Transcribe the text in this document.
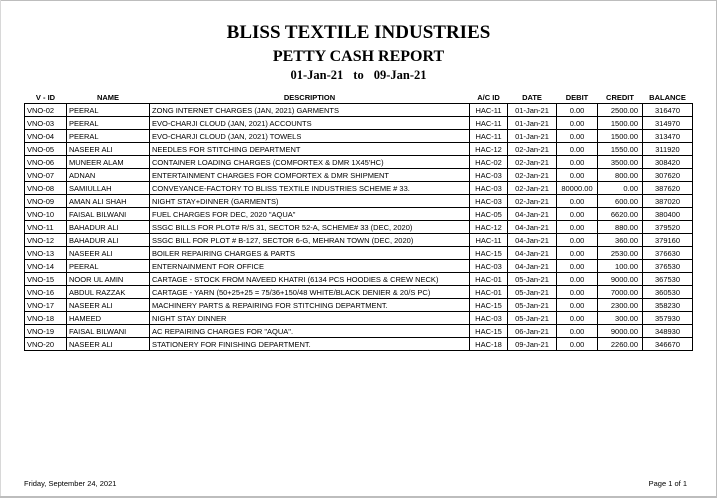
BLISS TEXTILE INDUSTRIES
PETTY CASH REPORT
01-Jan-21 to 09-Jan-21
V - ID	NAME	DESCRIPTION	A/C ID	DATE	DEBIT	CREDIT	BALANCE
VNO-02	PEERAL	ZONG INTERNET CHARGES (JAN, 2021) GARMENTS	HAC-11	01-Jan-21	0.00	2500.00	316470
VNO-03	PEERAL	EVO-CHARJI CLOUD (JAN, 2021) ACCOUNTS	HAC-11	01-Jan-21	0.00	1500.00	314970
VNO-04	PEERAL	EVO-CHARJI CLOUD (JAN, 2021) TOWELS	HAC-11	01-Jan-21	0.00	1500.00	313470
VNO-05	NASEER ALI	NEEDLES FOR STITCHING DEPARTMENT	HAC-12	02-Jan-21	0.00	1550.00	311920
VNO-06	MUNEER ALAM	CONTAINER LOADING CHARGES (COMFORTEX & DMR 1X45'HC)	HAC-02	02-Jan-21	0.00	3500.00	308420
VNO-07	ADNAN	ENTERTAINMENT CHARGES FOR COMFORTEX & DMR SHIPMENT	HAC-03	02-Jan-21	0.00	800.00	307620
VNO-08	SAMIULLAH	CONVEYANCE-FACTORY TO BLISS TEXTILE INDUSTRIES SCHEME # 33.	HAC-03	02-Jan-21	80000.00	0.00	387620
VNO-09	AMAN ALI SHAH	NIGHT STAY+DINNER (GARMENTS)	HAC-03	02-Jan-21	0.00	600.00	387020
VNO-10	FAISAL BILWANI	FUEL CHARGES FOR DEC, 2020 "AQUA"	HAC-05	04-Jan-21	0.00	6620.00	380400
VNO-11	BAHADUR ALI	SSGC BILLS FOR PLOT# R/S 31, SECTOR 52-A, SCHEME# 33 (DEC, 2020)	HAC-12	04-Jan-21	0.00	880.00	379520
VNO-12	BAHADUR ALI	SSGC BILL FOR PLOT # B-127, SECTOR 6-G, MEHRAN TOWN (DEC, 2020)	HAC-11	04-Jan-21	0.00	360.00	379160
VNO-13	NASEER ALI	BOILER REPAIRING CHARGES & PARTS	HAC-15	04-Jan-21	0.00	2530.00	376630
VNO-14	PEERAL	ENTERNAINMENT FOR OFFICE	HAC-03	04-Jan-21	0.00	100.00	376530
VNO-15	NOOR UL AMIN	CARTAGE - STOCK FROM NAVEED KHATRI (6134 PCS HOODIES & CREW NECK)	HAC-01	05-Jan-21	0.00	9000.00	367530
VNO-16	ABDUL RAZZAK	CARTAGE - YARN (50+25+25 = 75/36+150/48 WHITE/BLACK DENIER & 20/S PC)	HAC-01	05-Jan-21	0.00	7000.00	360530
VNO-17	NASEER ALI	MACHINERY PARTS & REPAIRING FOR STITCHING DEPARTMENT.	HAC-15	05-Jan-21	0.00	2300.00	358230
VNO-18	HAMEED	NIGHT STAY DINNER	HAC-03	05-Jan-21	0.00	300.00	357930
VNO-19	FAISAL BILWANI	AC REPAIRING CHARGES FOR "AQUA".	HAC-15	06-Jan-21	0.00	9000.00	348930
VNO-20	NASEER ALI	STATIONERY FOR FINISHING DEPARTMENT.	HAC-18	09-Jan-21	0.00	2260.00	346670
Friday, September 24, 2021	Page 1 of 1
